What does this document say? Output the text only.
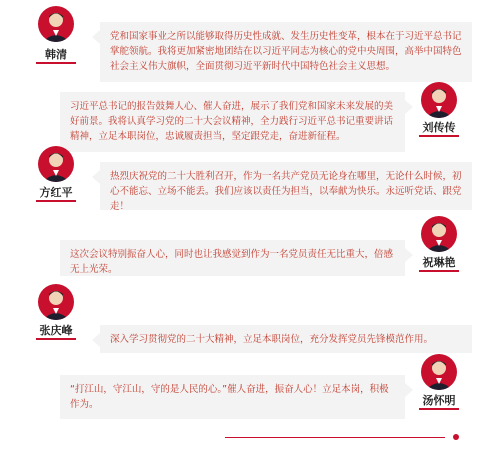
韩清
党和国家事业之所以能够取得历史性成就、发生历史性变革，根本在于习近平总书记掌舵领航。我将更加紧密地团结在以习近平同志为核心的党中央周围，高举中国特色社会主义伟大旗帜，全面贯彻习近平新时代中国特色社会主义思想。
习近平总书记的报告鼓舞人心、催人奋进，展示了我们党和国家未来发展的美好前景。我将认真学习党的二十大会议精神，全力践行习近平总书记重要讲话精神，立足本职岗位，忠诚履责担当，坚定跟党走，奋进新征程。
刘传传
方红平
热烈庆祝党的二十大胜利召开，作为一名共产党员无论身在哪里，无论什么时候，初心不能忘、立场不能丢。我们应该以责任为担当，以奉献为快乐。永远听党话、跟党走！
这次会议特别振奋人心，同时也让我感觉到作为一名党员责任无比重大，倍感无上光荣。
祝琳艳
张庆峰
深入学习贯彻党的二十大精神，立足本职岗位，充分发挥党员先锋模范作用。
“打江山，守江山，守的是人民的心。”催人奋进，振奋人心！立足本岗，积极作为。	汤怀明
